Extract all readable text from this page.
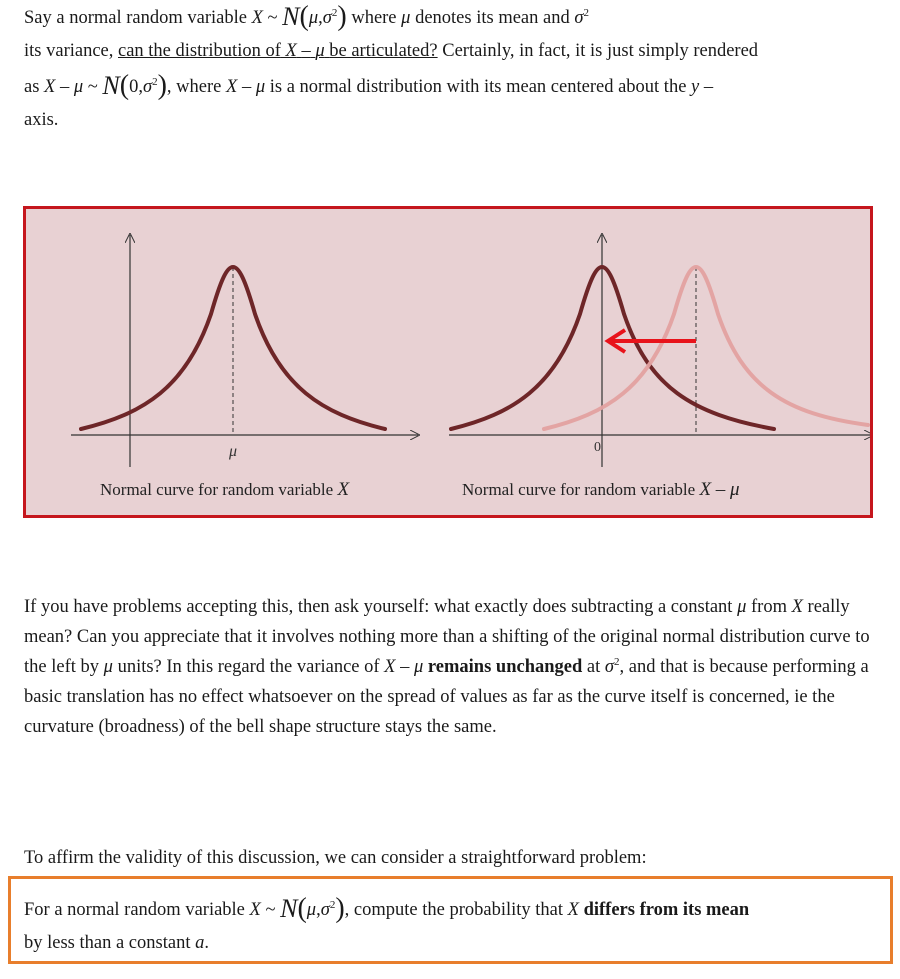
Say a normal random variable X ~ $N(\mu,\sigma^2)$ where μ denotes its mean and $\sigma^2$
its variance, can the distribution of X – μ be articulated? Certainly, in fact, it is just simply rendered
as X – μ ~ $N(0,\sigma^2)$, where X – μ is a normal distribution with its mean centered about the y –
axis.
μ	0
Normal curve for random variable X	Normal curve for random variable X – μ
If you have problems accepting this, then ask yourself: what exactly does subtracting a constant μ from X really mean? Can you appreciate that it involves nothing more than a shifting of the original normal distribution curve to the left by μ units? In this regard the variance of X – μ remains unchanged at $\sigma^2$, and that is because performing a basic translation has no effect whatsoever on the spread of values as far as the curve itself is concerned, ie the curvature (broadness) of the bell shape structure stays the same.
To affirm the validity of this discussion, we can consider a straightforward problem:
For a normal random variable X ~ $N(\mu,\sigma^2)$, compute the probability that X differs from its mean
by less than a constant a.
